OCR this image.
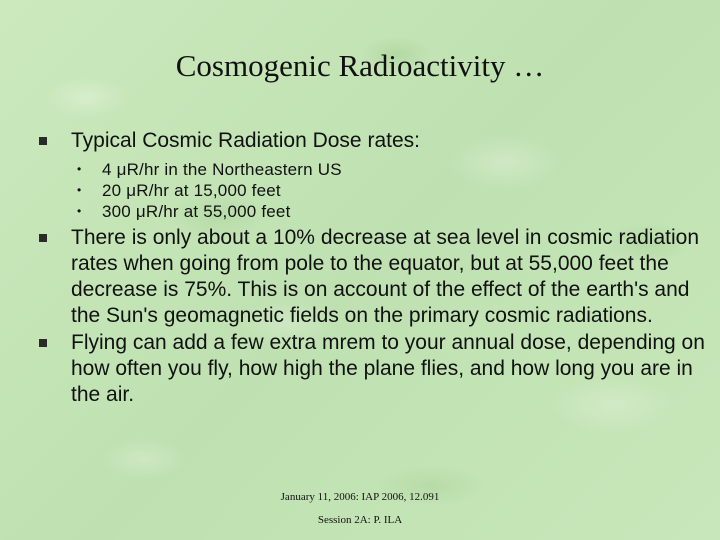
Cosmogenic Radioactivity …
Typical Cosmic Radiation Dose rates:
• 4 μR/hr in the Northeastern US
• 20 μR/hr at 15,000 feet
• 300 μR/hr at 55,000 feet
There is only about a 10% decrease at sea level in cosmic radiation rates when going from pole to the equator, but at 55,000 feet the decrease is 75%. This is on account of the effect of the earth's and the Sun's geomagnetic fields on the primary cosmic radiations.
Flying can add a few extra mrem to your annual dose, depending on how often you fly, how high the plane flies, and how long you are in the air.
January 11, 2006: IAP 2006, 12.091
Session 2A: P. ILA
